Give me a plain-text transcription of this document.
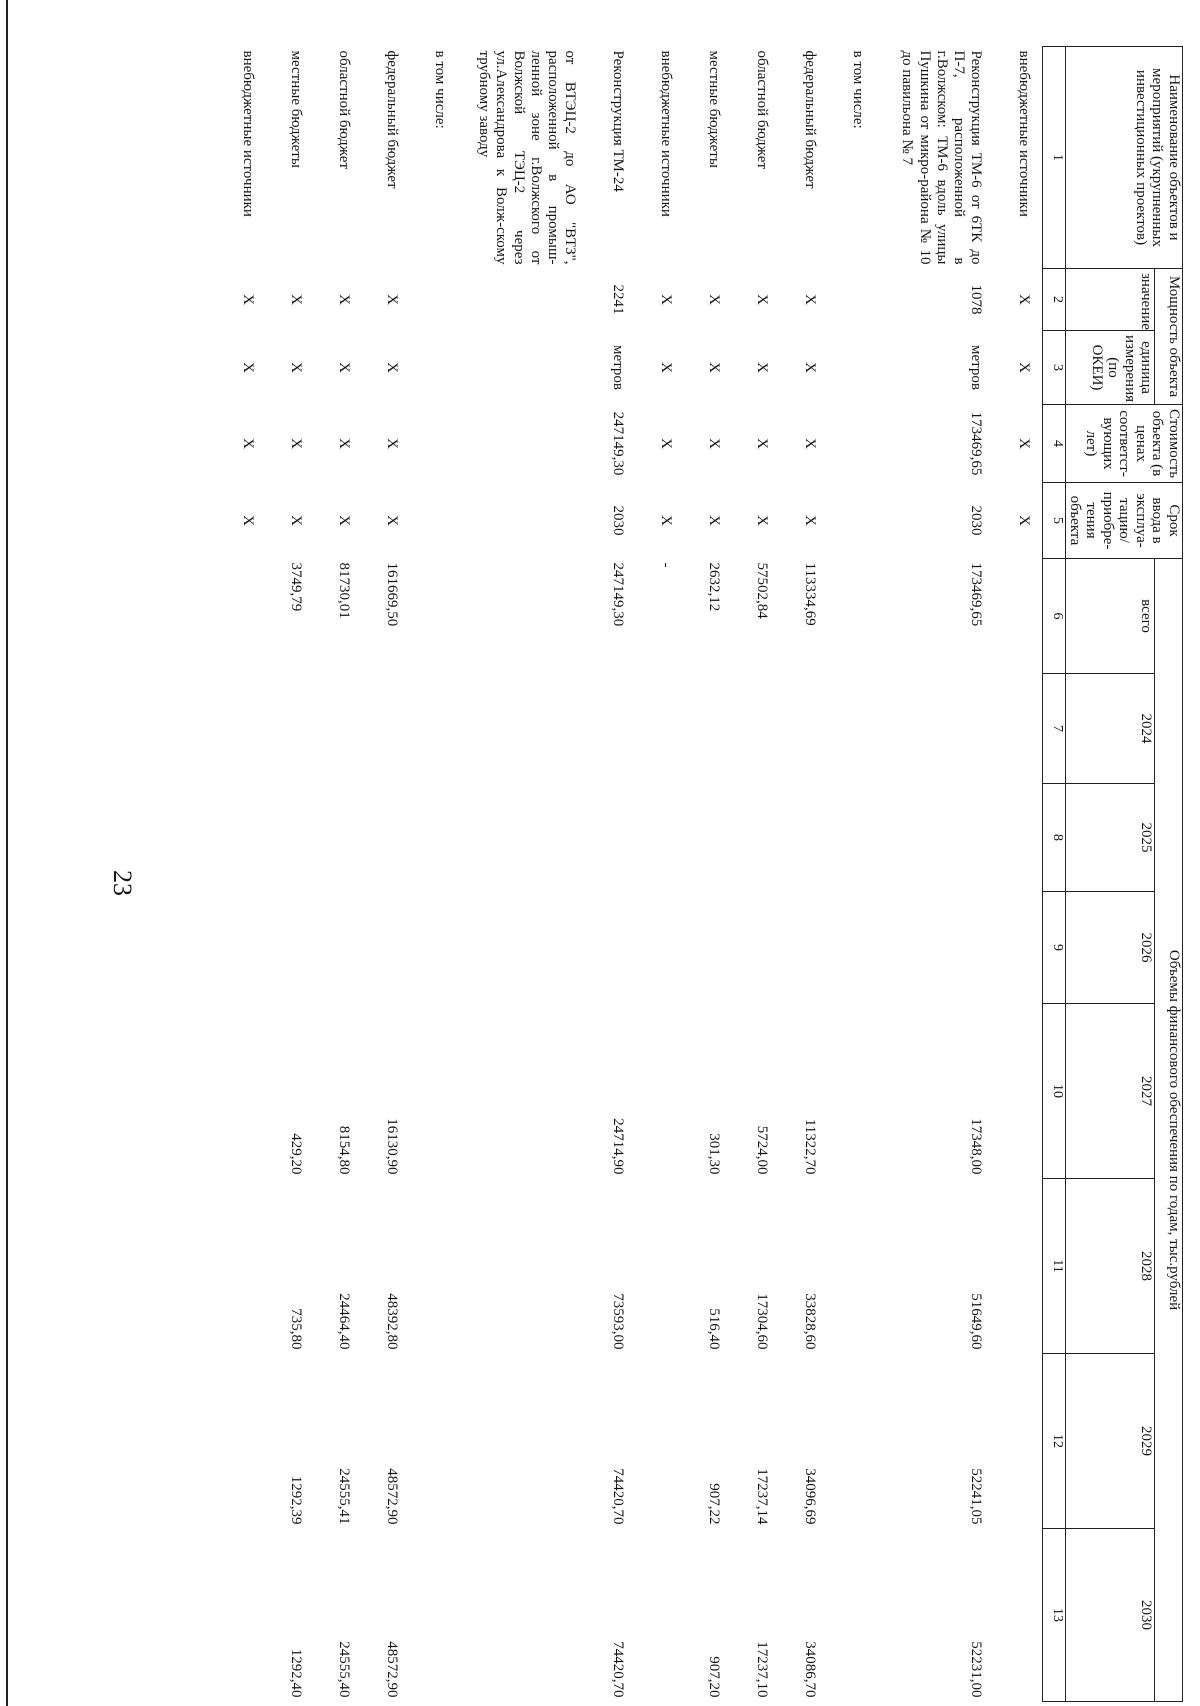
23
Наименование объектов и мероприятий (укрупненных инвестиционных проектов)	Мощность объекта		Стоимость объекта (в ценах соответст-вующих лет)	Срок ввода в эксплуа-тацию/ приобре-тения объекта	Объемы финансового обеспечения по годам, тыс.рублей							
	значение	единица измерения (по ОКЕИ)			всего	2024	2025	2026	2027	2028	2029	2030
1	2	3	4	5	6	7	8	9	10	11	12	13
внебюджетные источники	X	X	X	X								
Реконструкция ТМ-6 от 6ТК до П-7, расположенной в г.Волжском: ТМ-6 вдоль улицы Пушкина от микро-района № 10 до павильона № 7	1078	метров	173469,65	2030	173469,65				17348,00	51649,60	52241,05	52231,00
в том числе:												
федеральный бюджет	X	X	X	X	113334,69				11322,70	33828,60	34096,69	34086,70
областной бюджет	X	X	X	X	57502,84				5724,00	17304,60	17237,14	17237,10
местные бюджеты	X	X	X	X	2632,12				301,30	516,40	907,22	907,20
внебюджетные источники	X	X	X	X	-							
Реконструкция ТМ-24	2241	метров	247149,30	2030	247149,30				24714,90	73593,00	74420,70	74420,70
от ВТЭЦ-2 до АО "ВТЗ", расположенной в промыш-ленной зоне г.Волжского от Волжской ТЭЦ-2 через ул.Александрова к Волж-скому трубному заводу												
в том числе:												
федеральный бюджет	X	X	X	X	161669,50				16130,90	48392,80	48572,90	48572,90
областной бюджет	X	X	X	X	81730,01				8154,80	24464,40	24555,41	24555,40
местные бюджеты	X	X	X	X	3749,79				429,20	735,80	1292,39	1292,40
внебюджетные источники	X	X	X	X								
